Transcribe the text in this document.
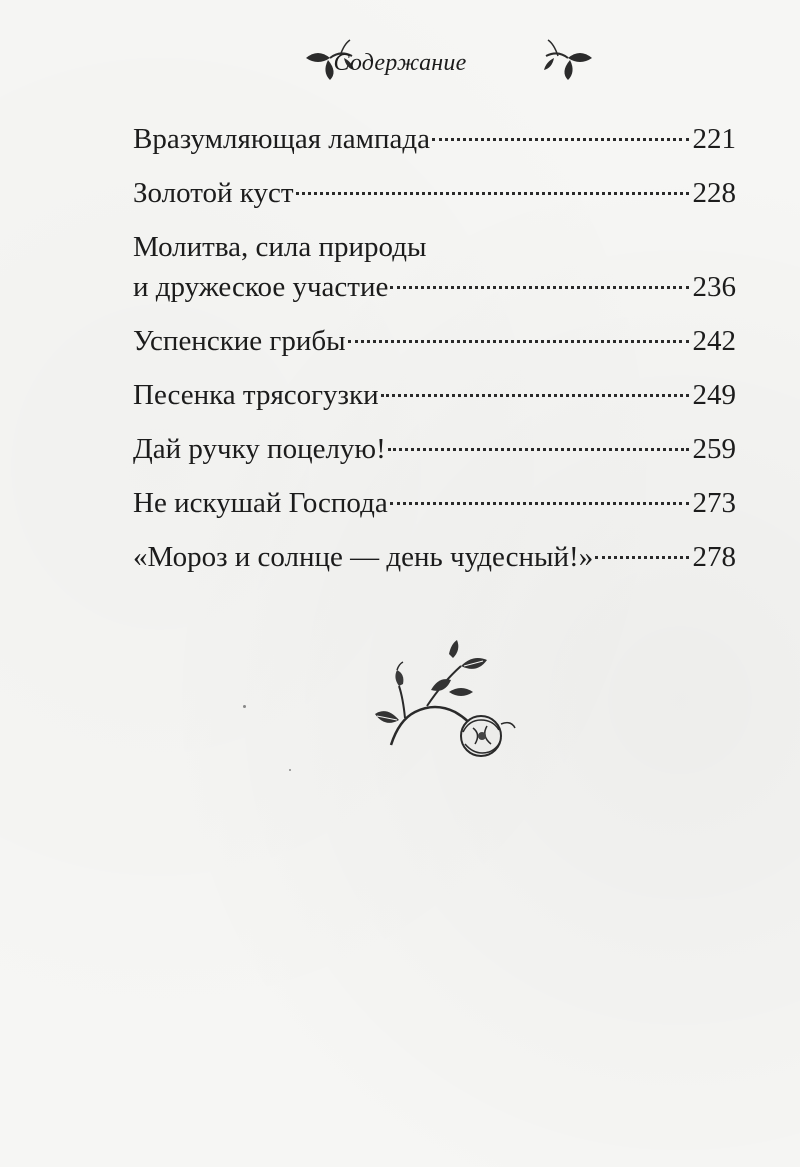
Содержание
Вразумляющая лампада	221
Золотой куст	228
Молитва, сила природы
и дружеское участие	236
Успенские грибы	242
Песенка трясогузки	249
Дай ручку поцелую!	259
Не искушай Господа	273
«Мороз и солнце — день чудесный!»	278
